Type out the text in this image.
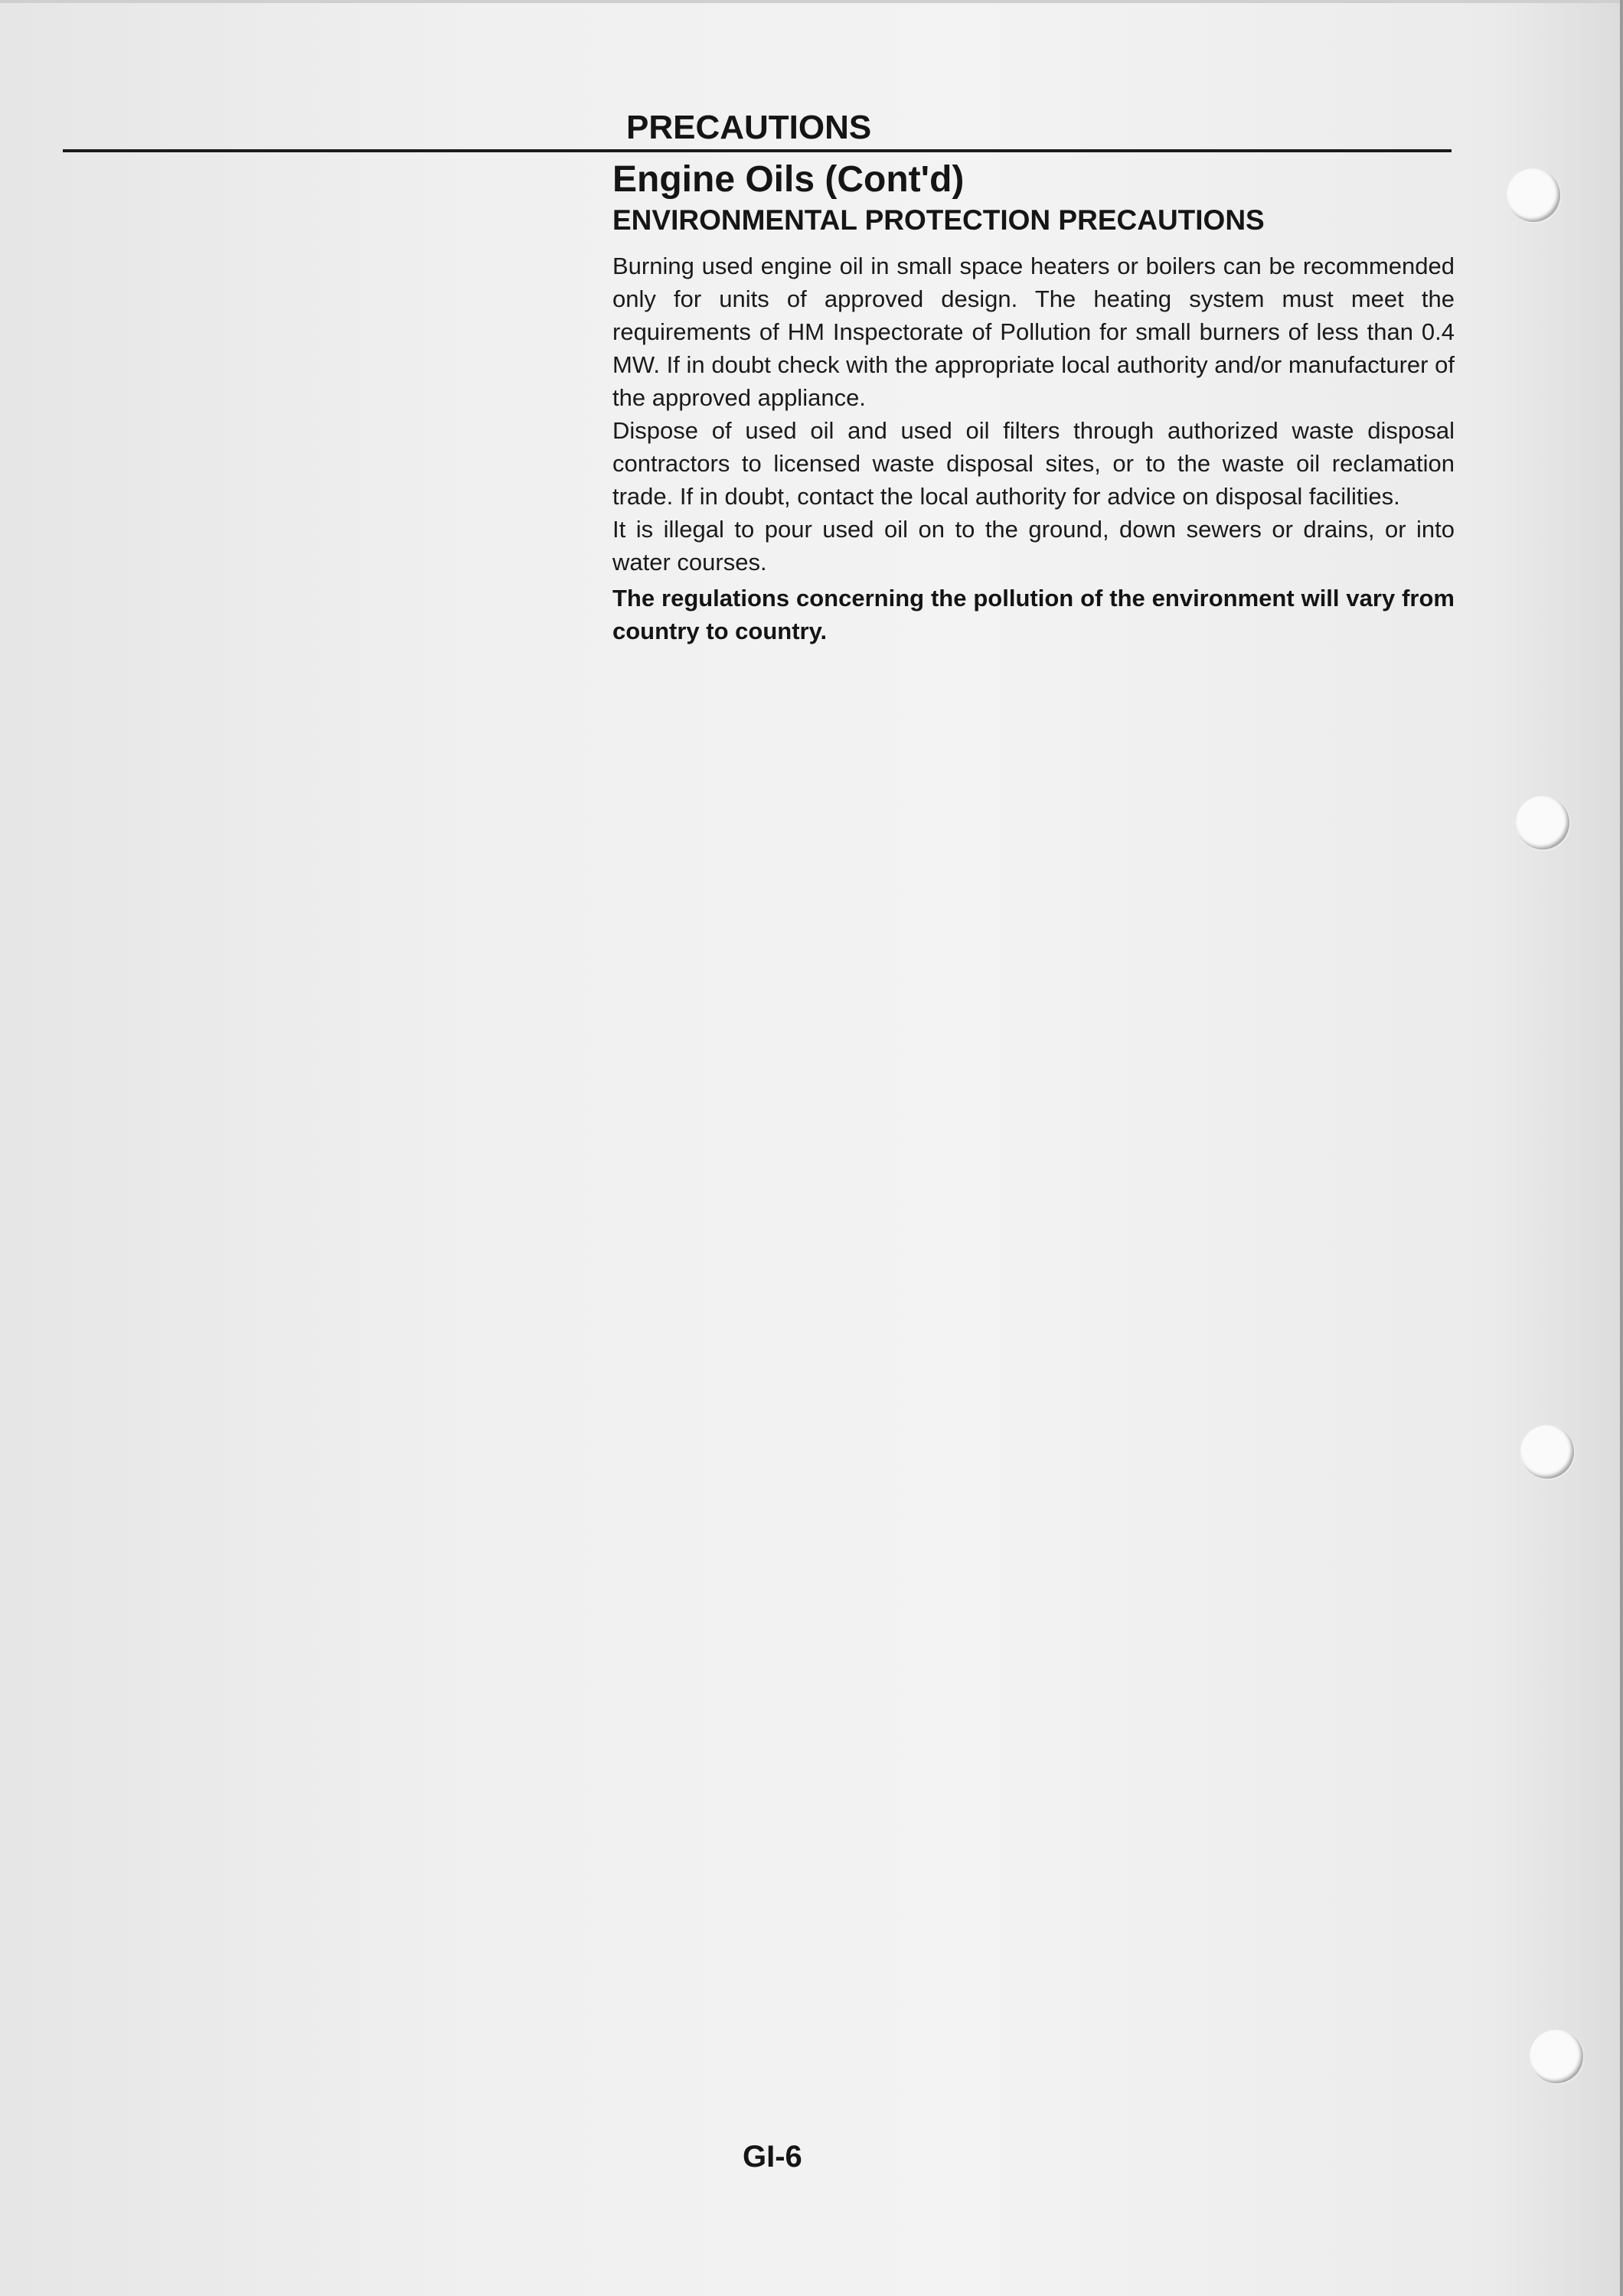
PRECAUTIONS
Engine Oils (Cont'd)
ENVIRONMENTAL PROTECTION PRECAUTIONS

Burning used engine oil in small space heaters or boilers can be recommended only for units of approved design. The heating system must meet the requirements of HM Inspectorate of Pollution for small burners of less than 0.4 MW. If in doubt check with the appropriate local authority and/or manufacturer of the approved appliance.

Dispose of used oil and used oil filters through authorized waste disposal contractors to licensed waste disposal sites, or to the waste oil reclamation trade. If in doubt, contact the local authority for advice on disposal facilities.

It is illegal to pour used oil on to the ground, down sewers or drains, or into water courses.

The regulations concerning the pollution of the environment will vary from country to country.

GI-6
